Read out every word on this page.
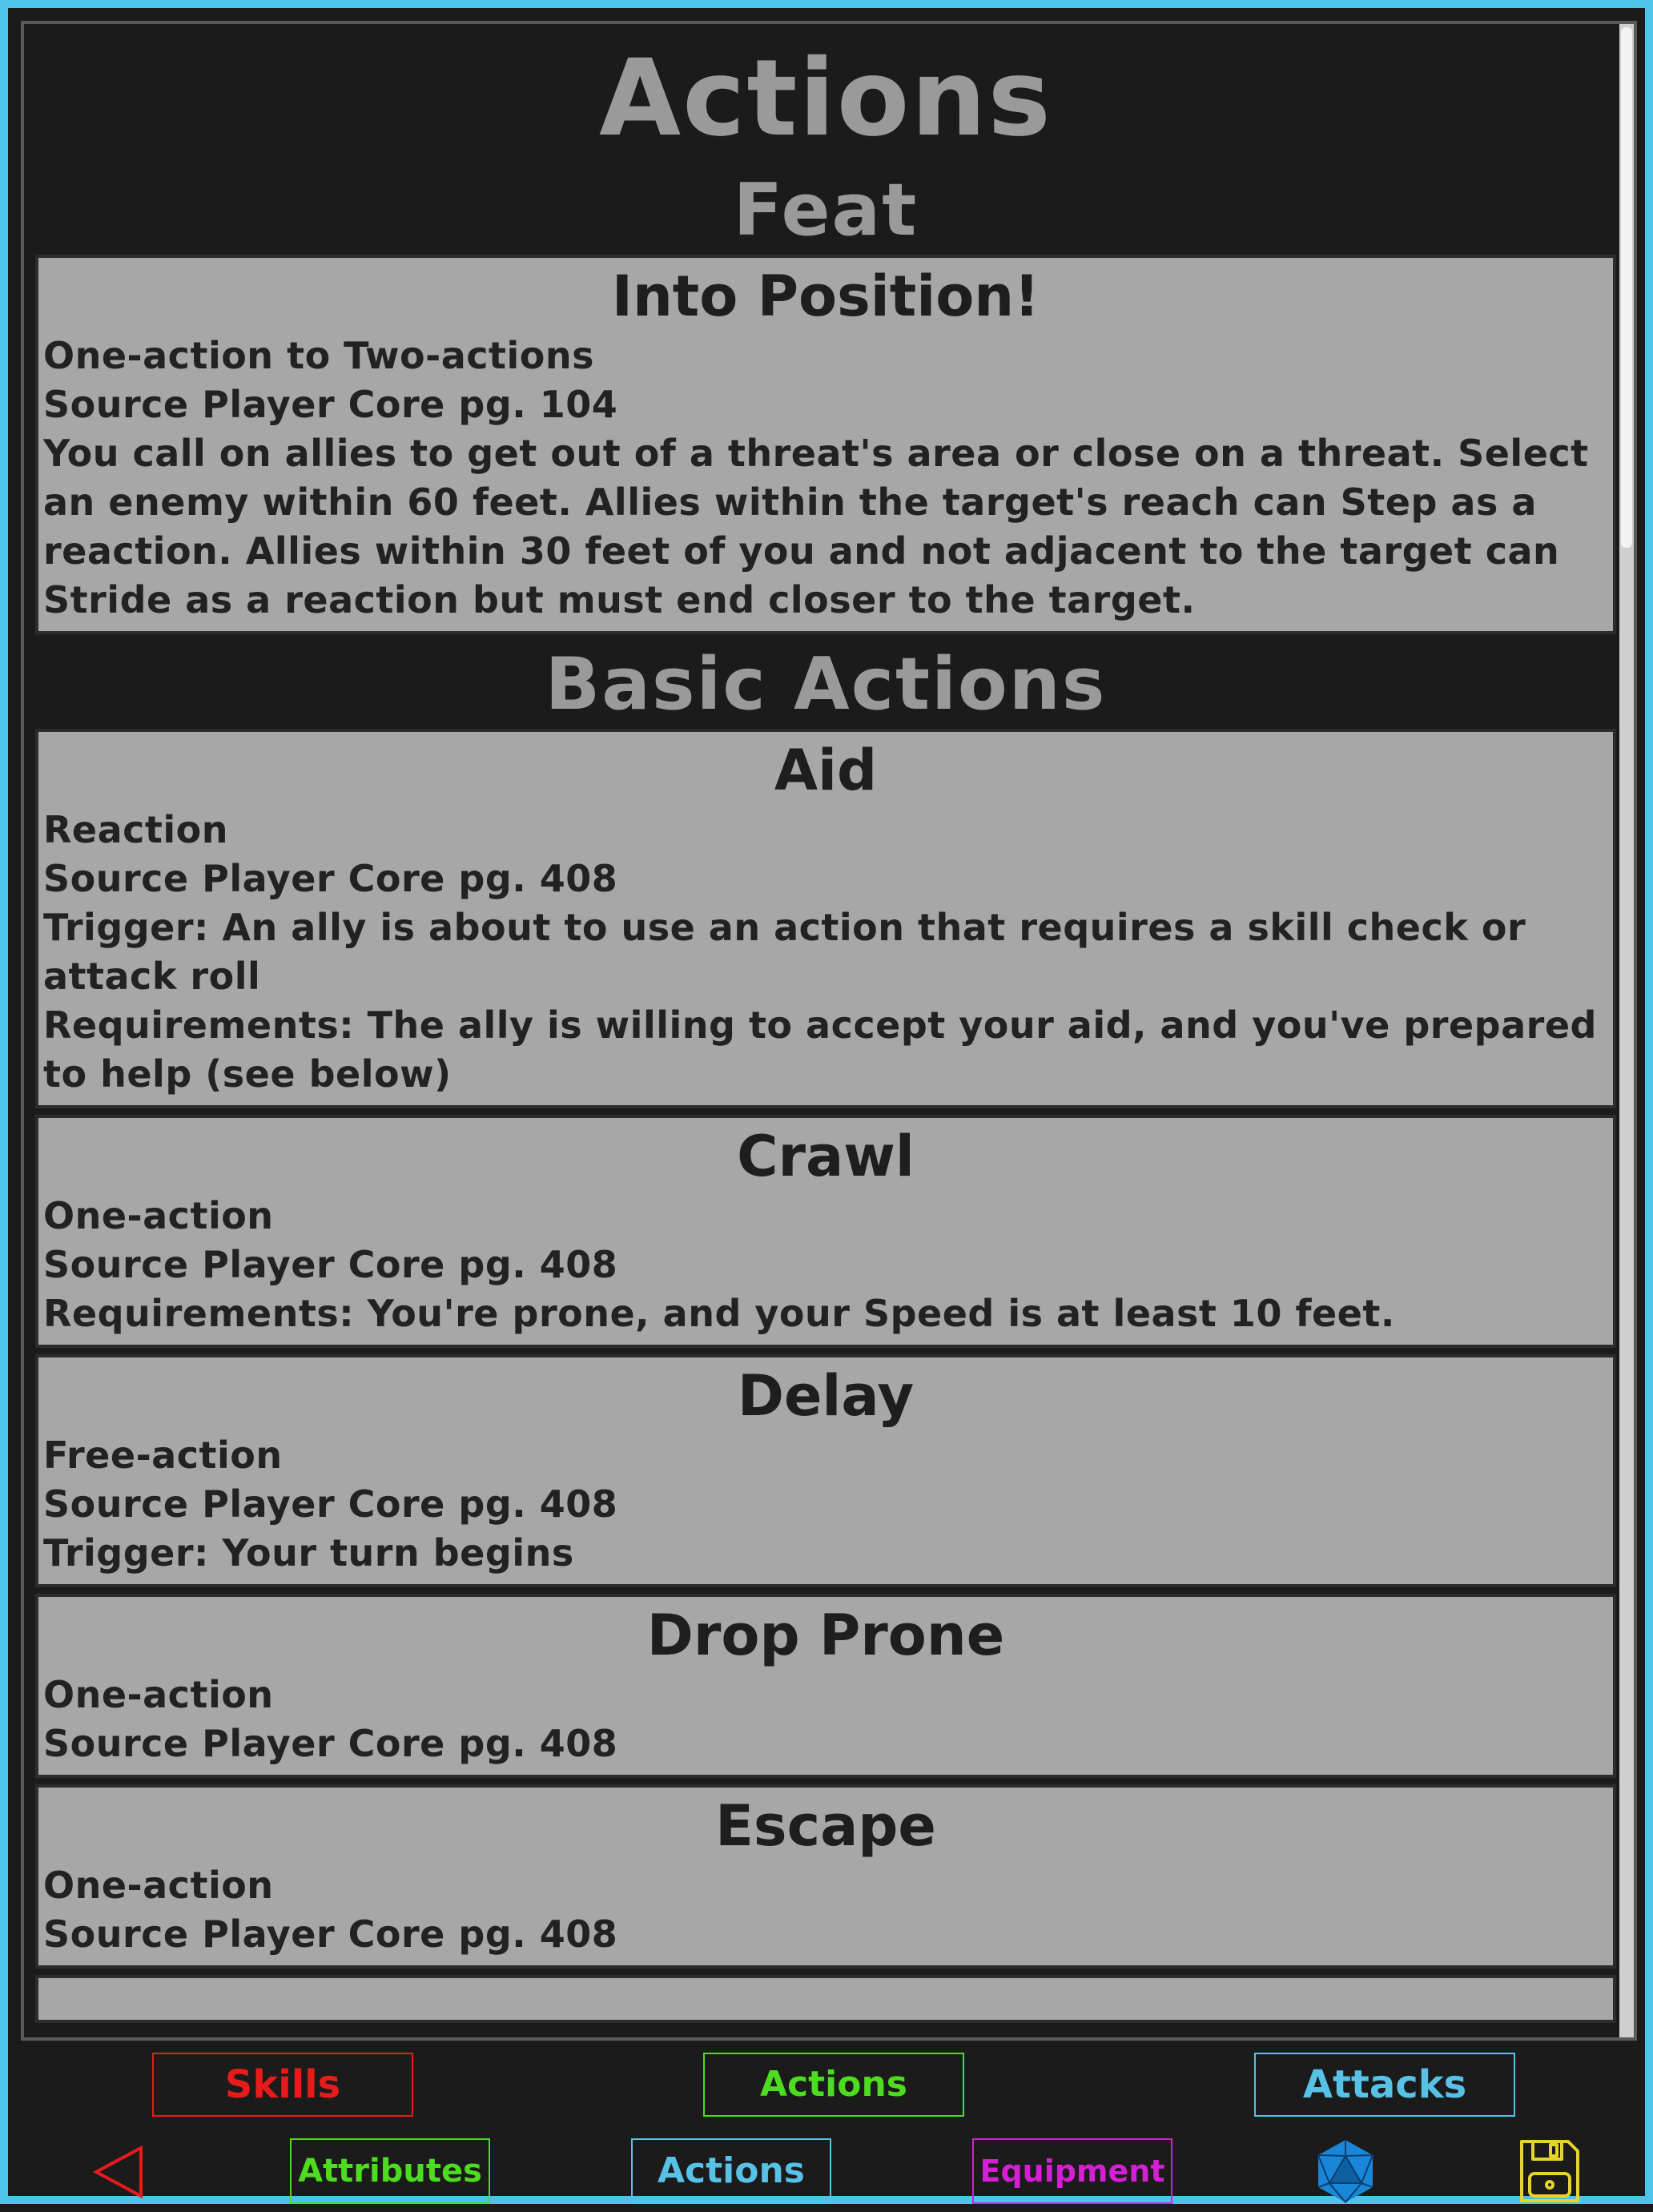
Actions
Feat
Into Position!
One-action to Two-actions
Source Player Core pg. 104
You call on allies to get out of a threat's area or close on a threat. Select an enemy within 60 feet. Allies within the target's reach can Step as a reaction. Allies within 30 feet of you and not adjacent to the target can Stride as a reaction but must end closer to the target.
Basic Actions
Aid
Reaction
Source Player Core pg. 408
Trigger: An ally is about to use an action that requires a skill check or attack roll
Requirements: The ally is willing to accept your aid, and you've prepared to help (see below)
Crawl
One-action
Source Player Core pg. 408
Requirements: You're prone, and your Speed is at least 10 feet.
Delay
Free-action
Source Player Core pg. 408
Trigger: Your turn begins
Drop Prone
One-action
Source Player Core pg. 408
Escape
One-action
Source Player Core pg. 408
Skills	Actions	Attacks
Attributes	Actions	Equipment
